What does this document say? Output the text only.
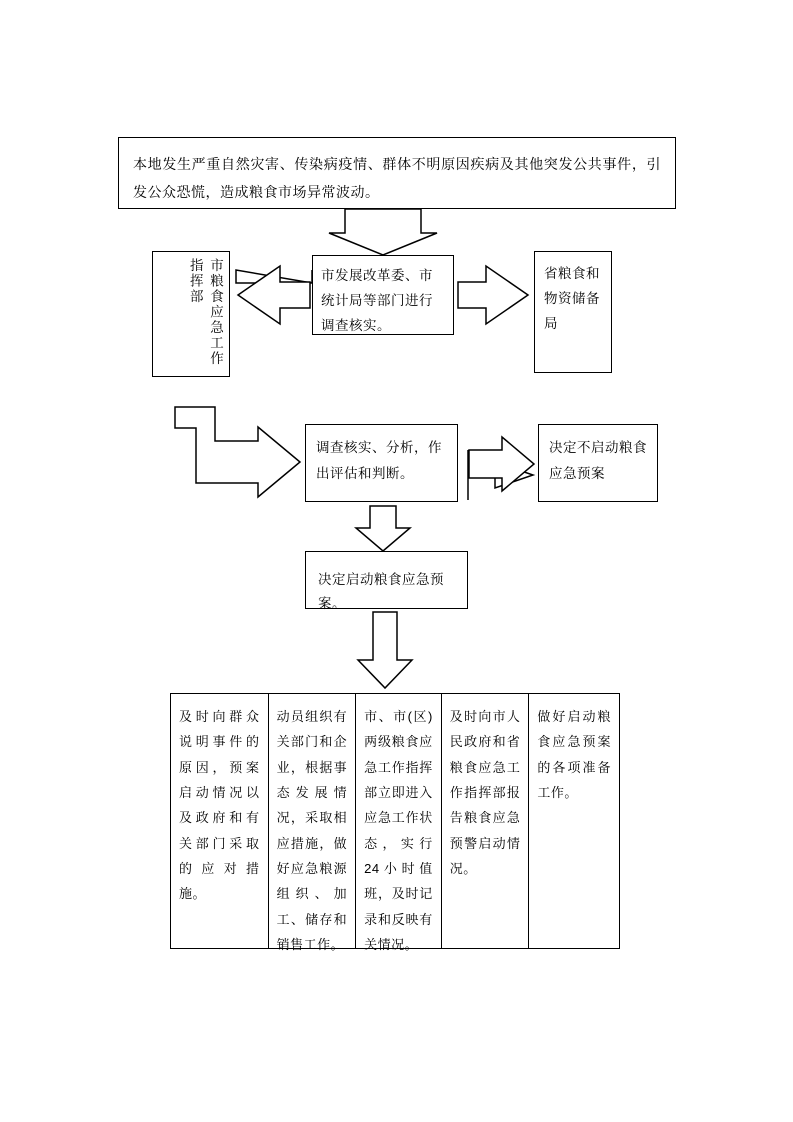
本地发生严重自然灾害、传染病疫情、群体不明原因疾病及其他突发公共事件，引发公众恐慌，造成粮食市场异常波动。
市粮食应急工作指挥部	市发展改革委、市统计局等部门进行调查核实。
省粮食和物资储备局
调查核实、分析，作出评估和判断。
决定不启动粮食应急预案
决定启动粮食应急预案。
及时向群众说明事件的原因，预案启动情况以及政府和有关部门采取的应对措施。
动员组织有关部门和企业，根据事态发展情况，采取相应措施，做好应急粮源组织、加工、储存和销售工作。
市、市(区)两级粮食应急工作指挥部立即进入应急工作状态，实行24小时值班，及时记录和反映有关情况。
及时向市人民政府和省粮食应急工作指挥部报告粮食应急预警启动情况。
做好启动粮食应急预案的各项准备工作。
